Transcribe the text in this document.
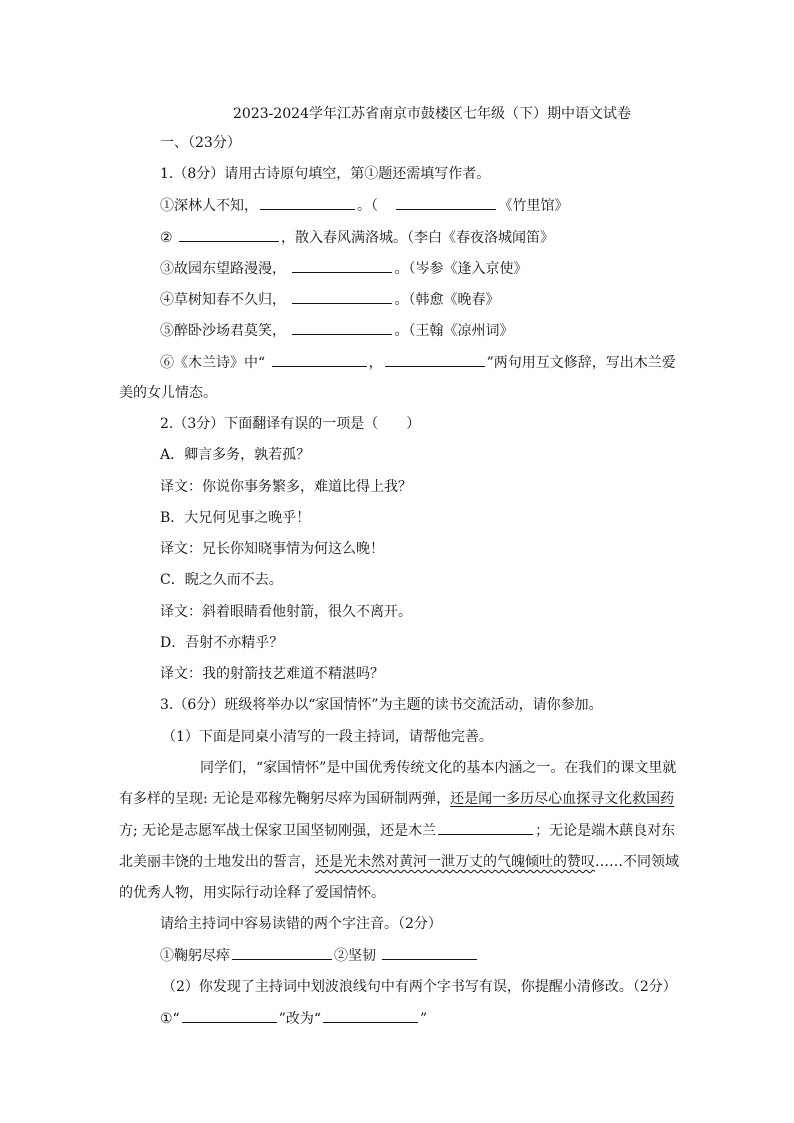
2023-2024学年江苏省南京市鼓楼区七年级（下）期中语文试卷
一、（23分）
1.（8分）请用古诗原句填空，第①题还需填写作者。
①深林人不知，	。（	《竹里馆》
②	，散入春风满洛城。（李白《春夜洛城闻笛》
③故园东望路漫漫，	。（岑参《逢入京使》
④草树知春不久归，	。（韩愈《晚春》
⑤醉卧沙场君莫笑，	。（王翰《凉州词》
⑥《木兰诗》中“	，	”两句用互文修辞，写出木兰爱
美的女儿情态。
2.（3分）下面翻译有误的一项是（　　）
A．卿言多务，孰若孤？
译文：你说你事务繁多，难道比得上我？
B．大兄何见事之晚乎！
译文：兄长你知晓事情为何这么晚！
C．睨之久而不去。
译文：斜着眼睛看他射箭，很久不离开。
D．吾射不亦精乎？
译文：我的射箭技艺难道不精湛吗？
3.（6分）班级将举办以“家国情怀”为主题的读书交流活动，请你参加。
（1）下面是同桌小清写的一段主持词，请帮他完善。
同学们，“家国情怀”是中国优秀传统文化的基本内涵之一。在我们的课文里就
有多样的呈现: 无论是邓稼先鞠躬尽瘁为国研制两弹，还是闻一多历尽心血探寻文化救国药
方; 无论是志愿军战士保家卫国坚韧刚强，还是木兰	；无论是端木蕻良对东
北美丽丰饶的土地发出的誓言，还是光未然对黄河一泄万丈的气魄倾吐的赞叹……不同领域
的优秀人物，用实际行动诠释了爱国情怀。
请给主持词中容易读错的两个字注音。（2分）
①鞠躬尽瘁	②坚韧
（2）你发现了主持词中划波浪线句中有两个字书写有误，你提醒小清修改。（2分）
①“	”改为“	”
